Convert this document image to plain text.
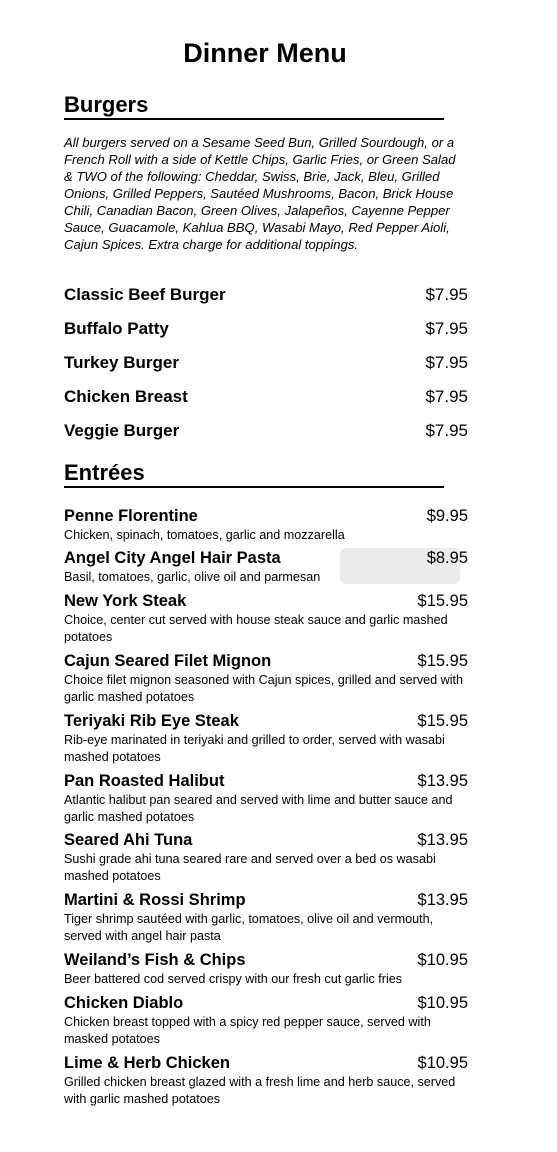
Dinner Menu
Burgers
All burgers served on a Sesame Seed Bun, Grilled Sourdough, or a French Roll with a side of Kettle Chips, Garlic Fries, or Green Salad & TWO of the following: Cheddar, Swiss, Brie, Jack, Bleu, Grilled Onions, Grilled Peppers, Sautéed Mushrooms, Bacon, Brick House Chili, Canadian Bacon, Green Olives, Jalapeños, Cayenne Pepper Sauce, Guacamole, Kahlua BBQ, Wasabi Mayo, Red Pepper Aioli, Cajun Spices. Extra charge for additional toppings.
Classic Beef Burger	$7.95
Buffalo Patty	$7.95
Turkey Burger	$7.95
Chicken Breast	$7.95
Veggie Burger	$7.95
Entrées
Penne Florentine	$9.95
Chicken, spinach, tomatoes, garlic and mozzarella
Angel City Angel Hair Pasta	$8.95
Basil, tomatoes, garlic, olive oil and parmesan
New York Steak	$15.95
Choice, center cut served with house steak sauce and garlic mashed potatoes
Cajun Seared Filet Mignon	$15.95
Choice filet mignon seasoned with Cajun spices, grilled and served with garlic mashed potatoes
Teriyaki Rib Eye Steak	$15.95
Rib-eye marinated in teriyaki and grilled to order, served with wasabi mashed potatoes
Pan Roasted Halibut	$13.95
Atlantic halibut pan seared and served with lime and butter sauce and garlic mashed potatoes
Seared Ahi Tuna	$13.95
Sushi grade ahi tuna seared rare and served over a bed os wasabi mashed potatoes
Martini & Rossi Shrimp	$13.95
Tiger shrimp sautéed with garlic, tomatoes, olive oil and vermouth, served with angel hair pasta
Weiland’s Fish & Chips	$10.95
Beer battered cod served crispy with our fresh cut garlic fries
Chicken Diablo	$10.95
Chicken breast topped with a spicy red pepper sauce, served with masked potatoes
Lime & Herb Chicken	$10.95
Grilled chicken breast glazed with a fresh lime and herb sauce, served with garlic mashed potatoes
